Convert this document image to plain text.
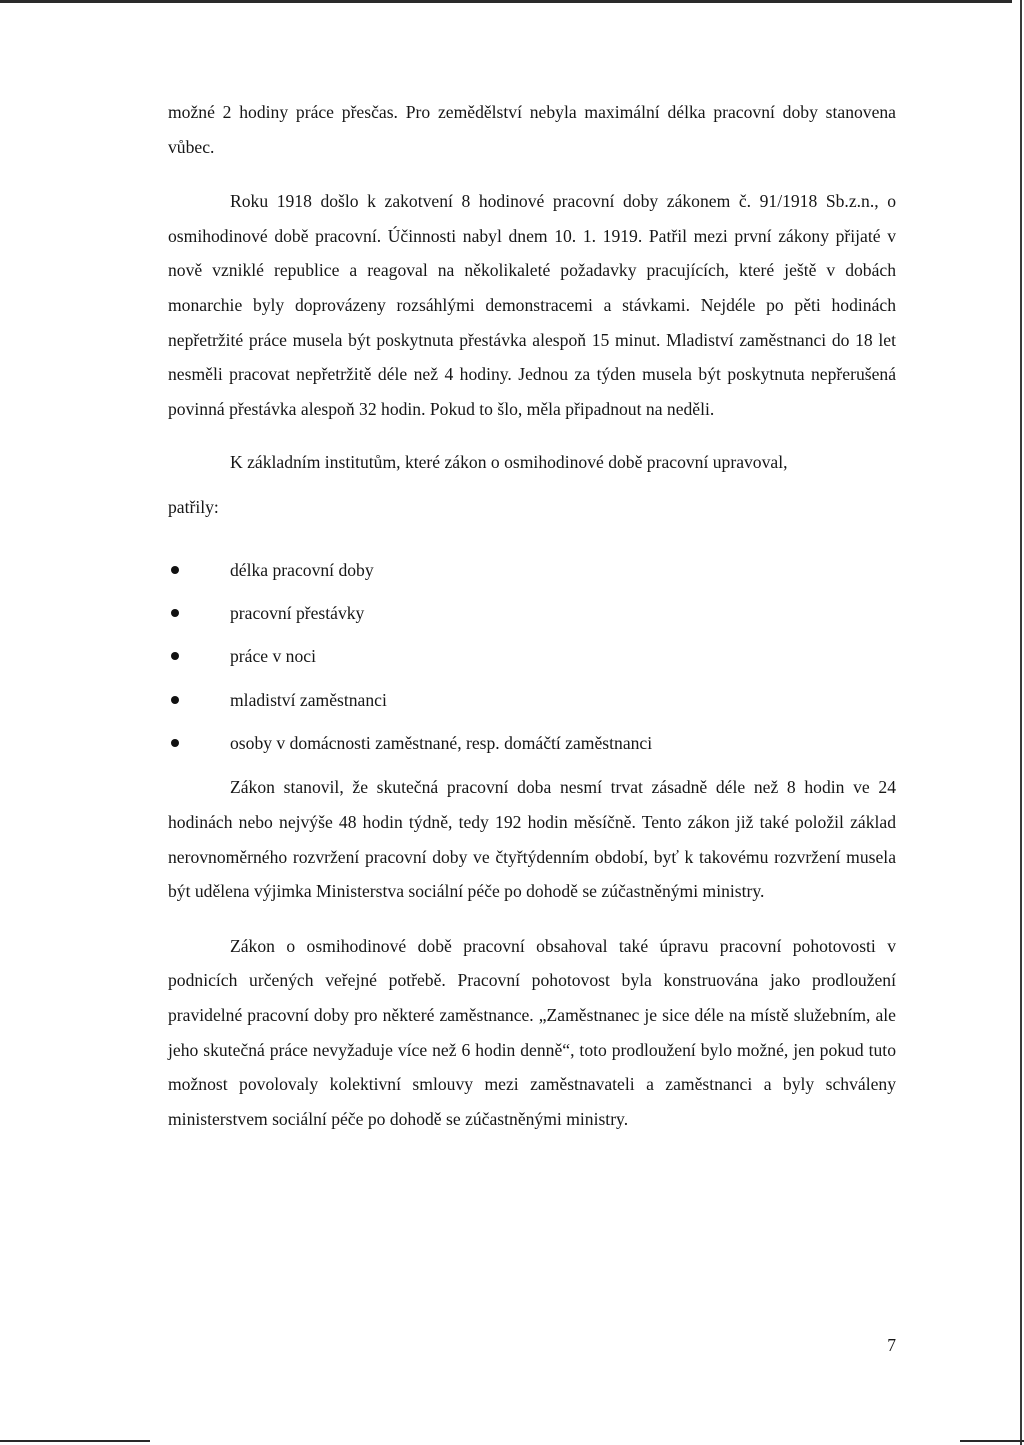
možné 2 hodiny práce přesčas. Pro zemědělství nebyla maximální délka pracovní doby stanovena vůbec.

Roku 1918 došlo k zakotvení 8 hodinové pracovní doby zákonem č. 91/1918 Sb.z.n., o osmihodinové době pracovní. Účinnosti nabyl dnem 10. 1. 1919. Patřil mezi první zákony přijaté v nově vzniklé republice a reagoval na několikaleté požadavky pracujících, které ještě v dobách monarchie byly doprovázeny rozsáhlými demonstracemi a stávkami. Nejdéle po pěti hodinách nepřetržité práce musela být poskytnuta přestávka alespoň 15 minut. Mladiství zaměstnanci do 18 let nesměli pracovat nepřetržitě déle než 4 hodiny. Jednou za týden musela být poskytnuta nepřerušená povinná přestávka alespoň 32 hodin. Pokud to šlo, měla připadnout na neděli.

K základním institutům, které zákon o osmihodinové době pracovní upravoval,

patřily:

délka pracovní doby
pracovní přestávky
práce v noci
mladiství zaměstnanci
osoby v domácnosti zaměstnané, resp. domáčtí zaměstnanci

Zákon stanovil, že skutečná pracovní doba nesmí trvat zásadně déle než 8 hodin ve 24 hodinách nebo nejvýše 48 hodin týdně, tedy 192 hodin měsíčně. Tento zákon již také položil základ nerovnoměrného rozvržení pracovní doby ve čtyřtýdenním období, byť k takovému rozvržení musela být udělena výjimka Ministerstva sociální péče po dohodě se zúčastněnými ministry.

Zákon o osmihodinové době pracovní obsahoval také úpravu pracovní pohotovosti v podnicích určených veřejné potřebě. Pracovní pohotovost byla konstruována jako prodloužení pravidelné pracovní doby pro některé zaměstnance. „Zaměstnanec je sice déle na místě služebním, ale jeho skutečná práce nevyžaduje více než 6 hodin denně“, toto prodloužení bylo možné, jen pokud tuto možnost povolovaly kolektivní smlouvy mezi zaměstnavateli a zaměstnanci a byly schváleny ministerstvem sociální péče po dohodě se zúčastněnými ministry.

7
